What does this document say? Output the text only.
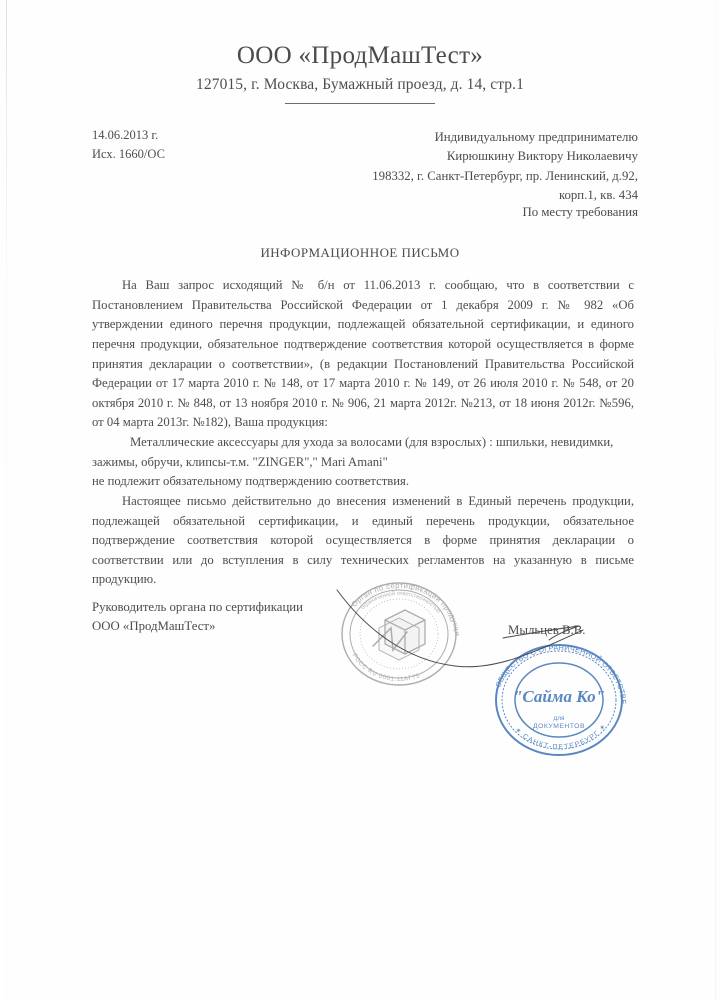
ООО «ПродМашТест»
127015, г. Москва, Бумажный проезд, д. 14, стр.1
14.06.2013 г.
Исх. 1660/ОС
Индивидуальному предпринимателю
Кирюшкину Виктору Николаевичу
198332, г. Санкт-Петербург, пр. Ленинский, д.92,
корп.1, кв. 434
По месту требования
ИНФОРМАЦИОННОЕ ПИСЬМО

На Ваш запрос исходящий № б/н от 11.06.2013 г. сообщаю, что в соответствии с Постановлением Правительства Российской Федерации от 1 декабря 2009 г. № 982 «Об утверждении единого перечня продукции, подлежащей обязательной сертификации, и единого перечня продукции, обязательное подтверждение соответствия которой осуществляется в форме принятия декларации о соответствии», (в редакции Постановлений Правительства Российской Федерации от 17 марта 2010 г. № 148, от 17 марта 2010 г. № 149, от 26 июля 2010 г. № 548, от 20 октября 2010 г. № 848, от 13 ноября 2010 г. № 906, 21 марта 2012г. №213, от 18 июня 2012г. №596, от 04 марта 2013г. №182), Ваша продукция:

Металлические аксессуары для ухода за волосами (для взрослых) : шпильки, невидимки, зажимы, обручи, клипсы-т.м. "ZINGER"," Mari Amani"

не подлежит обязательному подтверждению соответствия.

Настоящее письмо действительно до внесения изменений в Единый перечень продукции, подлежащей обязательной сертификации, и единый перечень продукции, обязательное подтверждение соответствия которой осуществляется в форме принятия декларации о соответствии или до вступления в силу технических регламентов на указанную в письме продукцию.

Руководитель органа по сертификации
ООО «ПродМашТест»	Мыльцев В.В.
Орган по сертификации продукции
ограниченной ответственностью
РОСС RU 0001.11АГ75
ОБЩЕСТВО С ОГРАНИЧЕННОЙ ОТВЕТСТВЕННОСТЬЮ
✶ САНКТ-ПЕТЕРБУРГ ✶
"Сайма Ко"
для
ДОКУМЕНТОВ
